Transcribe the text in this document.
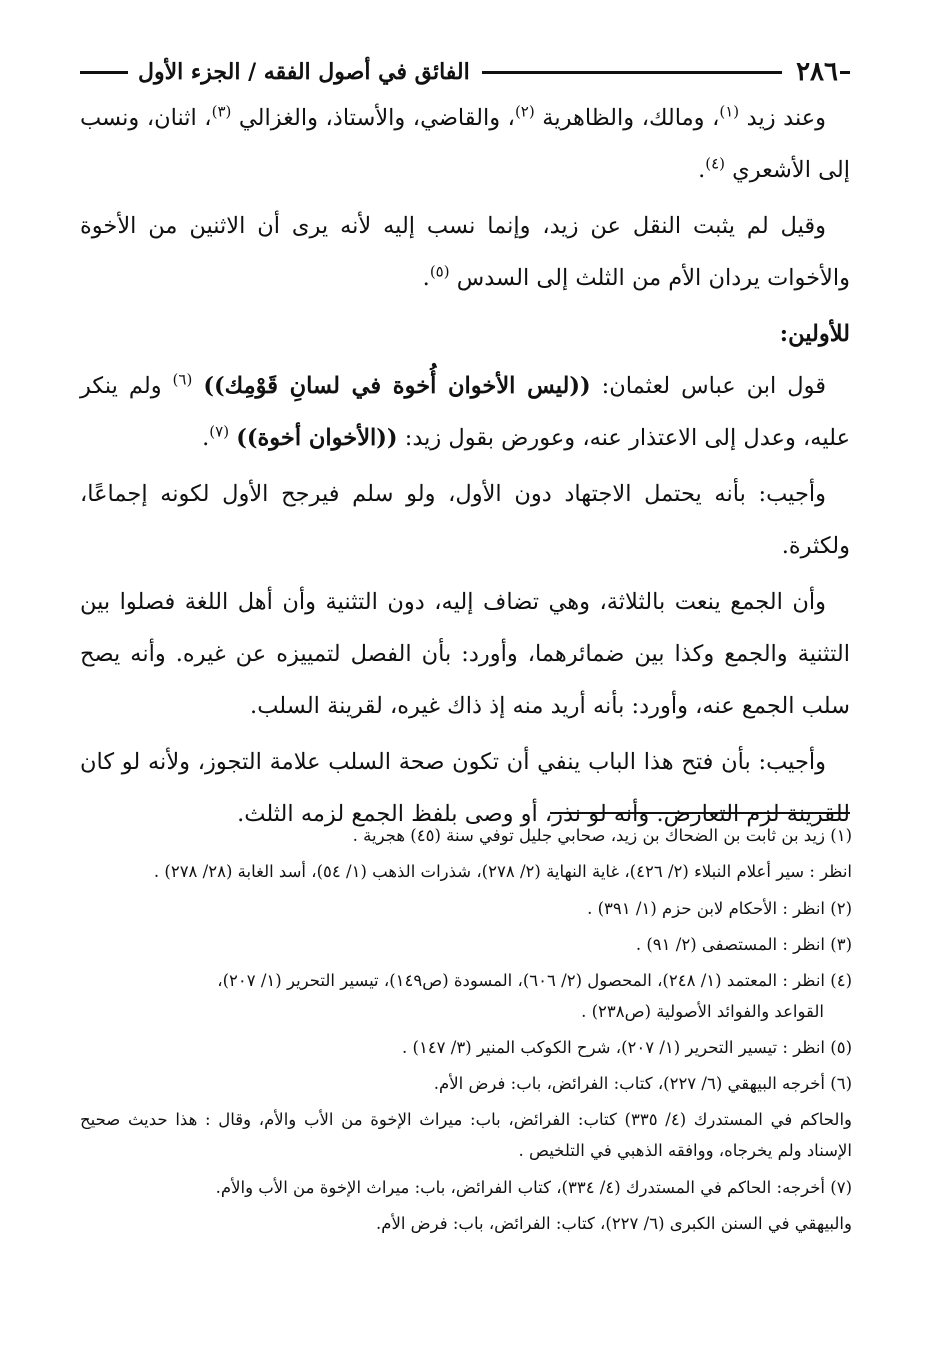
٢٨٦
الفائق في أصول الفقه / الجزء الأول

وعند زيد $^{(١)}$، ومالك، والظاهرية $^{(٢)}$، والقاضي، والأستاذ، والغزالي $^{(٣)}$، اثنان، ونسب إلى الأشعري $^{(٤)}$.

وقيل لم يثبت النقل عن زيد، وإنما نسب إليه لأنه يرى أن الاثنين من الأخوة والأخوات يردان الأم من الثلث إلى السدس $^{(٥)}$.

للأولين:

قول ابن عباس لعثمان: ((ليس الأخوان أُخوة في لسانِ قَوْمِك)) $^{(٦)}$ ولم ينكر عليه، وعدل إلى الاعتذار عنه، وعورض بقول زيد: ((الأخوان أخوة)) $^{(٧)}$.

وأجيب: بأنه يحتمل الاجتهاد دون الأول، ولو سلم فيرجح الأول لكونه إجماعًا، ولكثرة.

وأن الجمع ينعت بالثلاثة، وهي تضاف إليه، دون التثنية وأن أهل اللغة فصلوا بين التثنية والجمع وكذا بين ضمائرهما، وأورد: بأن الفصل لتمييزه عن غيره. وأنه يصح سلب الجمع عنه، وأورد: بأنه أريد منه إذ ذاك غيره، لقرينة السلب.

وأجيب: بأن فتح هذا الباب ينفي أن تكون صحة السلب علامة التجوز، ولأنه لو كان للقرينة لزم التعارض. وأنه لو نذر، أو وصى بلفظ الجمع لزمه الثلث.

(١) زيد بن ثابت بن الضحاك بن زيد، صحابي جليل توفي سنة (٤٥) هجرية .

انظر : سير أعلام النبلاء (٢/ ٤٢٦)، غاية النهاية (٢/ ٢٧٨)، شذرات الذهب (١/ ٥٤)، أسد الغابة (٢٨/ ٢٧٨) .

(٢) انظر : الأحكام لابن حزم (١/ ٣٩١) .

(٣) انظر : المستصفى (٢/ ٩١) .

(٤) انظر : المعتمد (١/ ٢٤٨)، المحصول (٢/ ٦٠٦)، المسودة (ص١٤٩)، تيسير التحرير (١/ ٢٠٧)،
القواعد والفوائد الأصولية (ص٢٣٨) .

(٥) انظر : تيسير التحرير (١/ ٢٠٧)، شرح الكوكب المنير (٣/ ١٤٧) .

(٦) أخرجه البيهقي (٦/ ٢٢٧)، كتاب: الفرائض، باب: فرض الأم.

والحاكم في المستدرك (٤/ ٣٣٥) كتاب: الفرائض، باب: ميراث الإخوة من الأب والأم، وقال : هذا حديث صحيح الإسناد ولم يخرجاه، ووافقه الذهبي في التلخيص .

(٧) أخرجه: الحاكم في المستدرك (٤/ ٣٣٤)، كتاب الفرائض، باب: ميراث الإخوة من الأب والأم.

والبيهقي في السنن الكبرى (٦/ ٢٢٧)، كتاب: الفرائض، باب: فرض الأم.
